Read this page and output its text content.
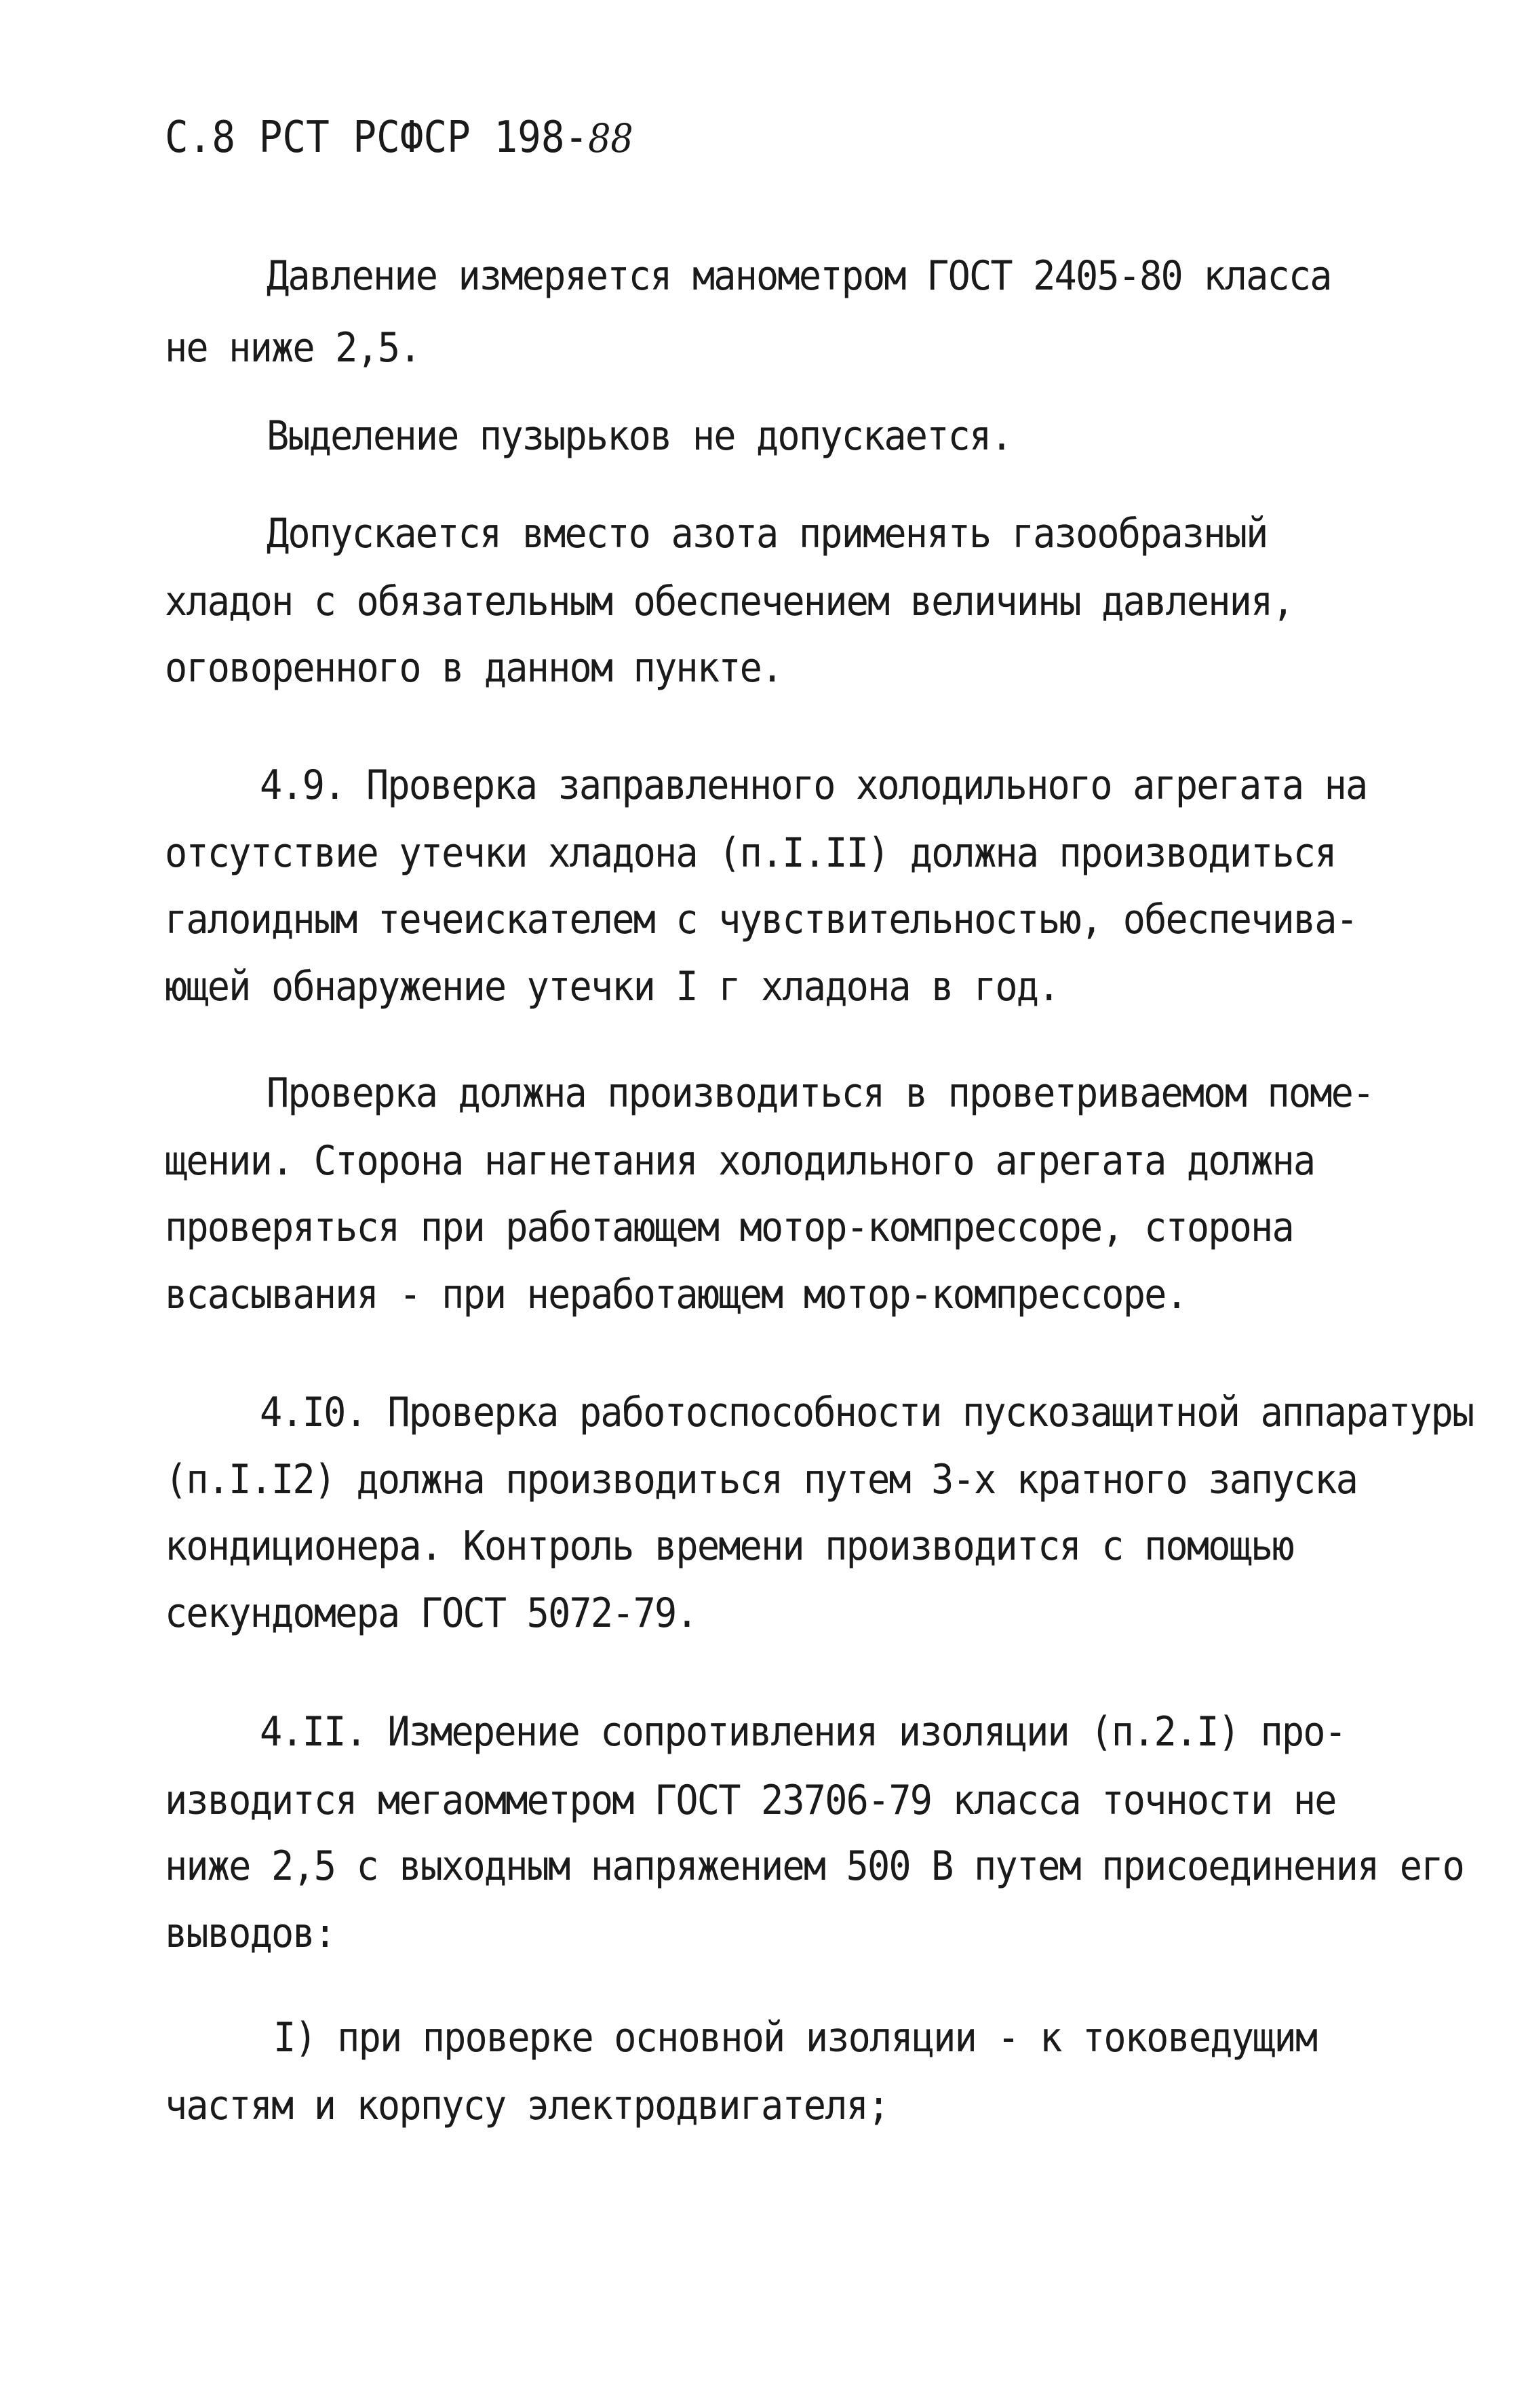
С.8 РСТ РСФСР 198-88
Давление измеряется манометром ГОСТ 2405-80 класса
не ниже 2,5.
Выделение пузырьков не допускается.
Допускается вместо азота применять газообразный
хладон с обязательным обеспечением величины давления,
оговоренного в данном пункте.
4.9. Проверка заправленного холодильного агрегата на
отсутствие утечки хладона (п.I.II) должна производиться
галоидным течеискателем с чувствительностью, обеспечива-
ющей обнаружение утечки I г хладона в год.
Проверка должна производиться в проветриваемом поме-
щении. Сторона нагнетания холодильного агрегата должна
проверяться при работающем мотор-компрессоре, сторона
всасывания - при неработающем мотор-компрессоре.
4.I0. Проверка работоспособности пускозащитной аппаратуры
(п.I.I2) должна производиться путем 3-х кратного запуска
кондиционера. Контроль времени производится с помощью
секундомера ГОСТ 5072-79.
4.II. Измерение сопротивления изоляции (п.2.I) про-
изводится мегаомметром ГОСТ 23706-79 класса точности не
ниже 2,5 с выходным напряжением 500 В путем присоединения его
выводов:
I) при проверке основной изоляции - к токоведущим
частям и корпусу электродвигателя;
